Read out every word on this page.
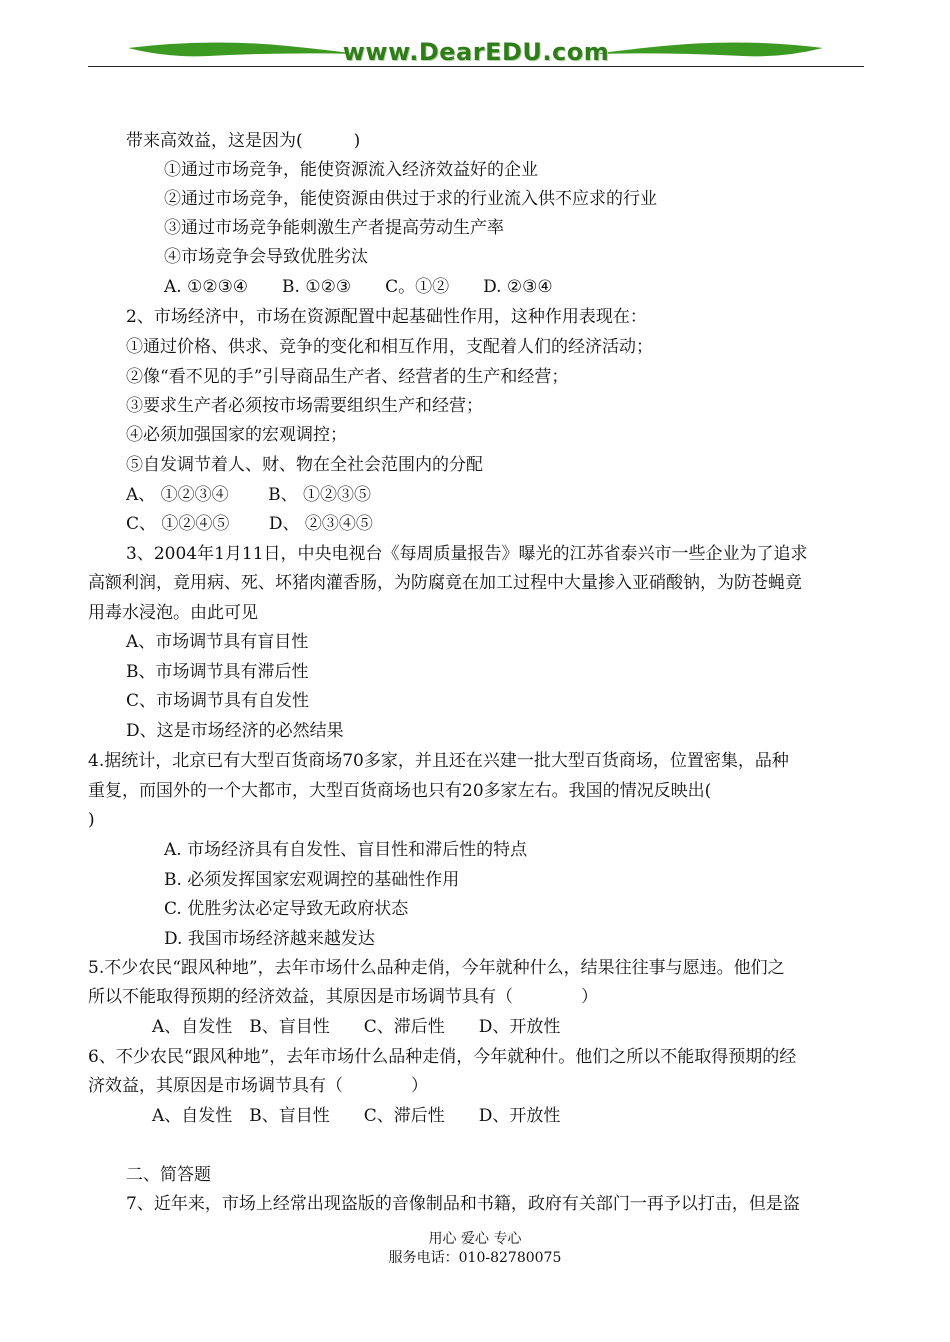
www.DearEDU.com
带来高效益，这是因为(　　　)
①通过市场竞争，能使资源流入经济效益好的企业
②通过市场竞争，能使资源由供过于求的行业流入供不应求的行业
③通过市场竞争能刺激生产者提高劳动生产率
④市场竞争会导致优胜劣汰
A. ①②③④　　B. ①②③　　C。①②　　D. ②③④
2、市场经济中，市场在资源配置中起基础性作用，这种作用表现在：
①通过价格、供求、竞争的变化和相互作用，支配着人们的经济活动；
②像“看不见的手”引导商品生产者、经营者的生产和经营；
③要求生产者必须按市场需要组织生产和经营；
④必须加强国家的宏观调控；
⑤自发调节着人、财、物在全社会范围内的分配
A、 ①②③④　　 B、 ①②③⑤
C、 ①②④⑤　　 D、 ②③④⑤
3、2004年1月11日，中央电视台《每周质量报告》曝光的江苏省泰兴市一些企业为了追求
高额利润，竟用病、死、坏猪肉灌香肠，为防腐竟在加工过程中大量掺入亚硝酸钠，为防苍蝇竟
用毒水浸泡。由此可见
A、市场调节具有盲目性
B、市场调节具有滞后性
C、市场调节具有自发性
D、这是市场经济的必然结果
4.据统计，北京已有大型百货商场70多家，并且还在兴建一批大型百货商场，位置密集，品种
重复，而国外的一个大都市，大型百货商场也只有20多家左右。我国的情况反映出(
)
A. 市场经济具有自发性、盲目性和滞后性的特点
B. 必须发挥国家宏观调控的基础性作用
C. 优胜劣汰必定导致无政府状态
D. 我国市场经济越来越发达
5.不少农民“跟风种地”，去年市场什么品种走俏，今年就种什么，结果往往事与愿违。他们之
所以不能取得预期的经济效益，其原因是市场调节具有（　　　　）
A、自发性　B、盲目性　　C、滞后性　　D、开放性
6、不少农民“跟风种地”，去年市场什么品种走俏，今年就种什。他们之所以不能取得预期的经
济效益，其原因是市场调节具有（　　　　）
A、自发性　B、盲目性　　C、滞后性　　D、开放性
二、简答题
7、近年来，市场上经常出现盗版的音像制品和书籍，政府有关部门一再予以打击，但是盗
用心 爱心 专心
服务电话：010-82780075
